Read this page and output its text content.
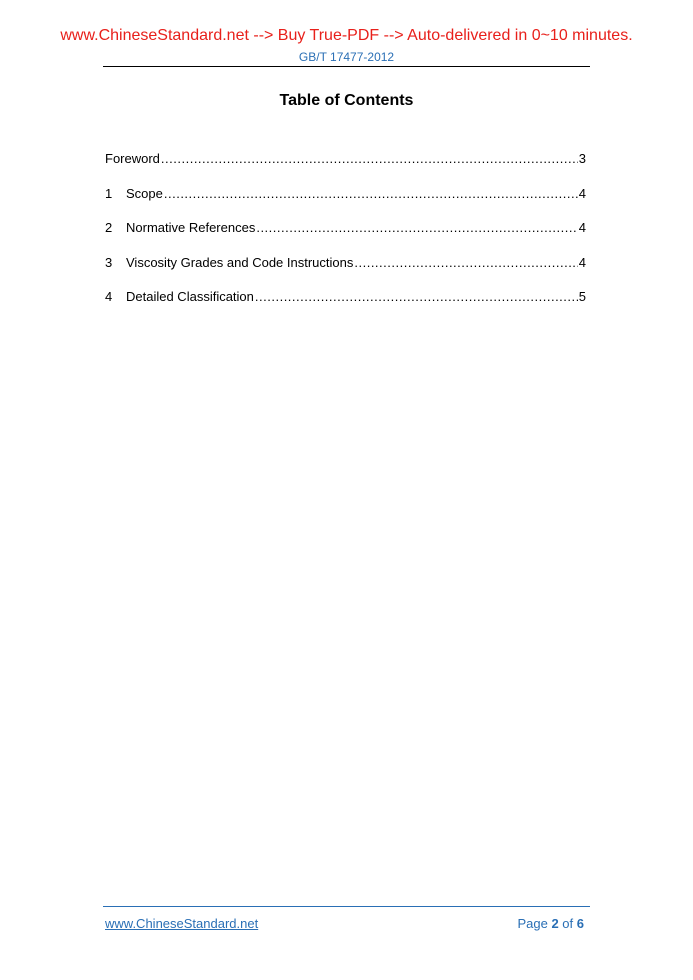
www.ChineseStandard.net --> Buy True-PDF --> Auto-delivered in 0~10 minutes.
GB/T 17477-2012
Table of Contents
Foreword .....	3
1	Scope .....	4
2	Normative References .....	4
3	Viscosity Grades and Code Instructions .....	4
4	Detailed Classification .....	5
www.ChineseStandard.net	Page 2 of 6
